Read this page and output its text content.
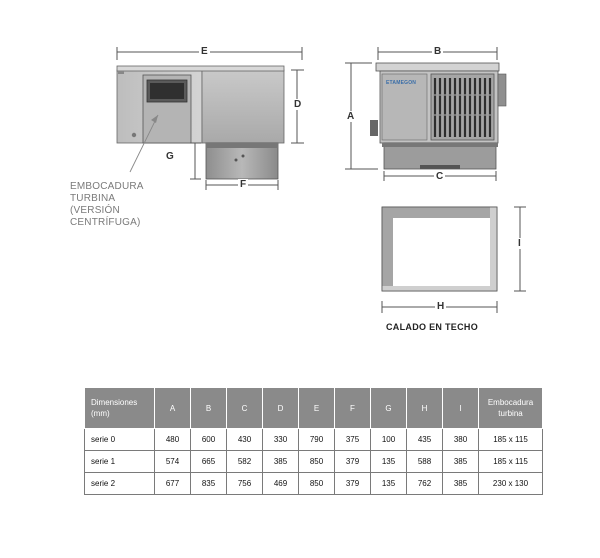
E
D
G
F
B
A
C
I
H
ETAMEGON
EMBOCADURA
TURBINA
(VERSIÓN
CENTRÍFUGA)
CALADO EN TECHO
Dimensiones (mm)	A	B	C	D	E	F	G	H	I	Embocadura turbina
serie 0	480	600	430	330	790	375	100	435	380	185 x 115
serie 1	574	665	582	385	850	379	135	588	385	185 x 115
serie 2	677	835	756	469	850	379	135	762	385	230 x 130
